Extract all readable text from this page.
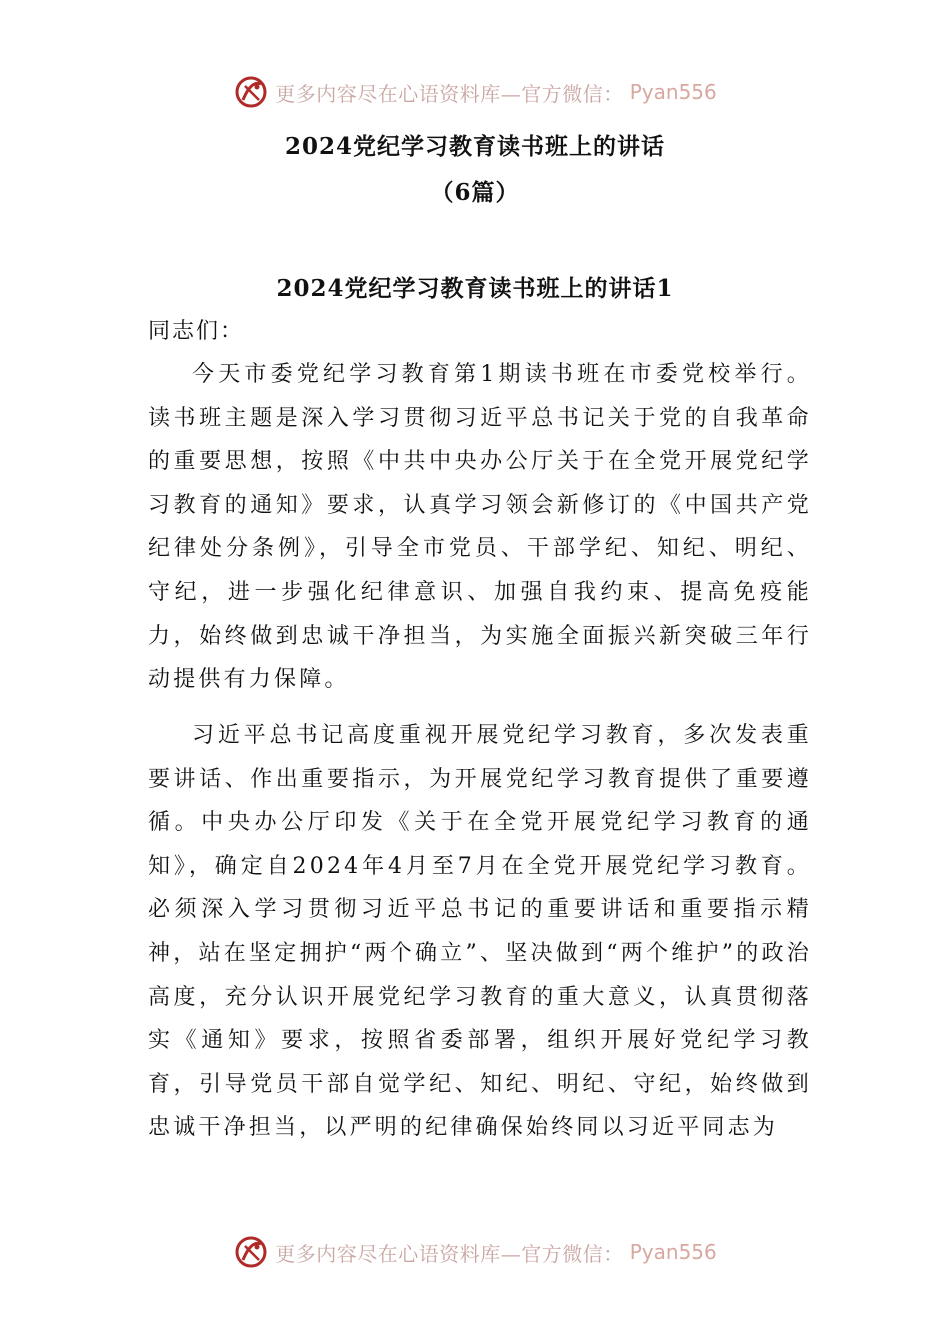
更多内容尽在心语资料库—官方微信： Pyan556
2024党纪学习教育读书班上的讲话
（6篇）
2024党纪学习教育读书班上的讲话1
同志们：

今天市委党纪学习教育第1期读书班在市委党校举行。读书班主题是深入学习贯彻习近平总书记关于党的自我革命的重要思想，按照《中共中央办公厅关于在全党开展党纪学习教育的通知》要求，认真学习领会新修订的《中国共产党纪律处分条例》，引导全市党员、干部学纪、知纪、明纪、守纪，进一步强化纪律意识、加强自我约束、提高免疫能力，始终做到忠诚干净担当，为实施全面振兴新突破三年行动提供有力保障。

习近平总书记高度重视开展党纪学习教育，多次发表重要讲话、作出重要指示，为开展党纪学习教育提供了重要遵循。中央办公厅印发《关于在全党开展党纪学习教育的通知》，确定自2024年4月至7月在全党开展党纪学习教育。必须深入学习贯彻习近平总书记的重要讲话和重要指示精神，站在坚定拥护“两个确立”、坚决做到“两个维护”的政治高度，充分认识开展党纪学习教育的重大意义，认真贯彻落实《通知》要求，按照省委部署，组织开展好党纪学习教育，引导党员干部自觉学纪、知纪、明纪、守纪，始终做到忠诚干净担当，以严明的纪律确保始终同以习近平同志为

更多内容尽在心语资料库—官方微信： Pyan556
